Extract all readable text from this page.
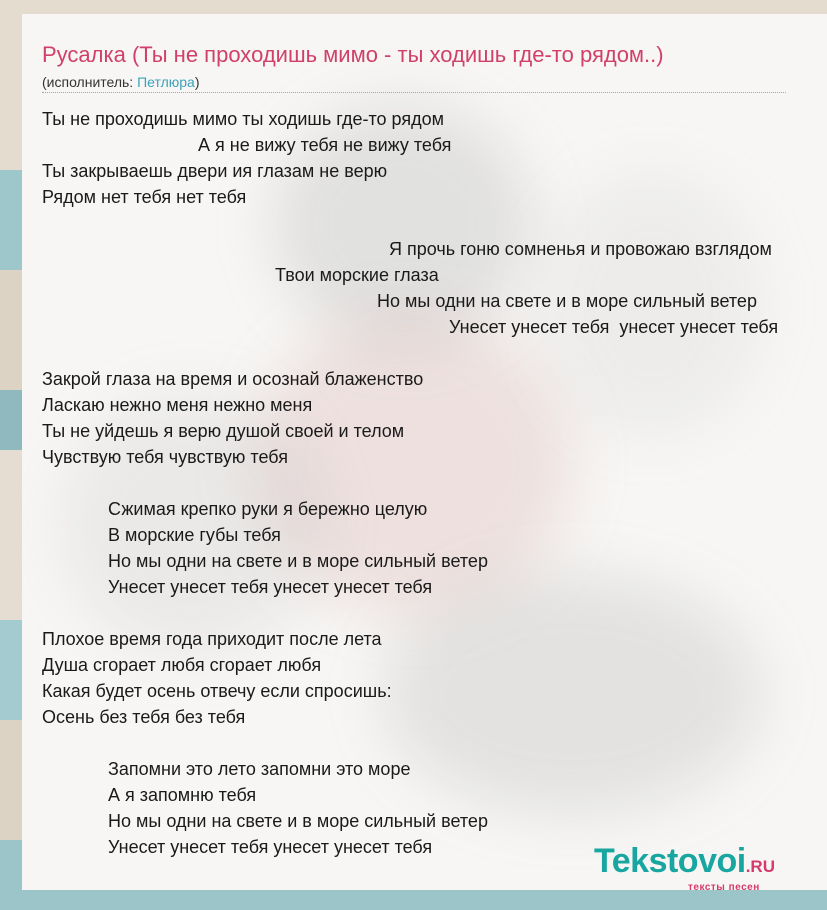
Русалка (Ты не проходишь мимо - ты ходишь где-то рядом..)
(исполнитель: Петлюра)
Ты не проходишь мимо ты ходишь где-то рядом
А я не вижу тебя не вижу тебя
Ты закрываешь двери ия глазам не верю
Рядом нет тебя нет тебя
Я прочь гоню сомненья и провожаю взглядом
Твои морские глаза
Но мы одни на свете и в море сильный ветер
Унесет унесет тебя  унесет унесет тебя
Закрой глаза на время и осознай блаженство
Ласкаю нежно меня нежно меня
Ты не уйдешь я верю душой своей и телом
Чувствую тебя чувствую тебя
Сжимая крепко руки я бережно целую
В морские губы тебя
Но мы одни на свете и в море сильный ветер
Унесет унесет тебя унесет унесет тебя
Плохое время года приходит после лета
Душа сгорает любя сгорает любя
Какая будет осень отвечу если спросишь:
Осень без тебя без тебя
Запомни это лето запомни это море
А я запомню тебя
Но мы одни на свете и в море сильный ветер
Унесет унесет тебя унесет унесет тебя	Tekstovoi.RU
тексты песен
